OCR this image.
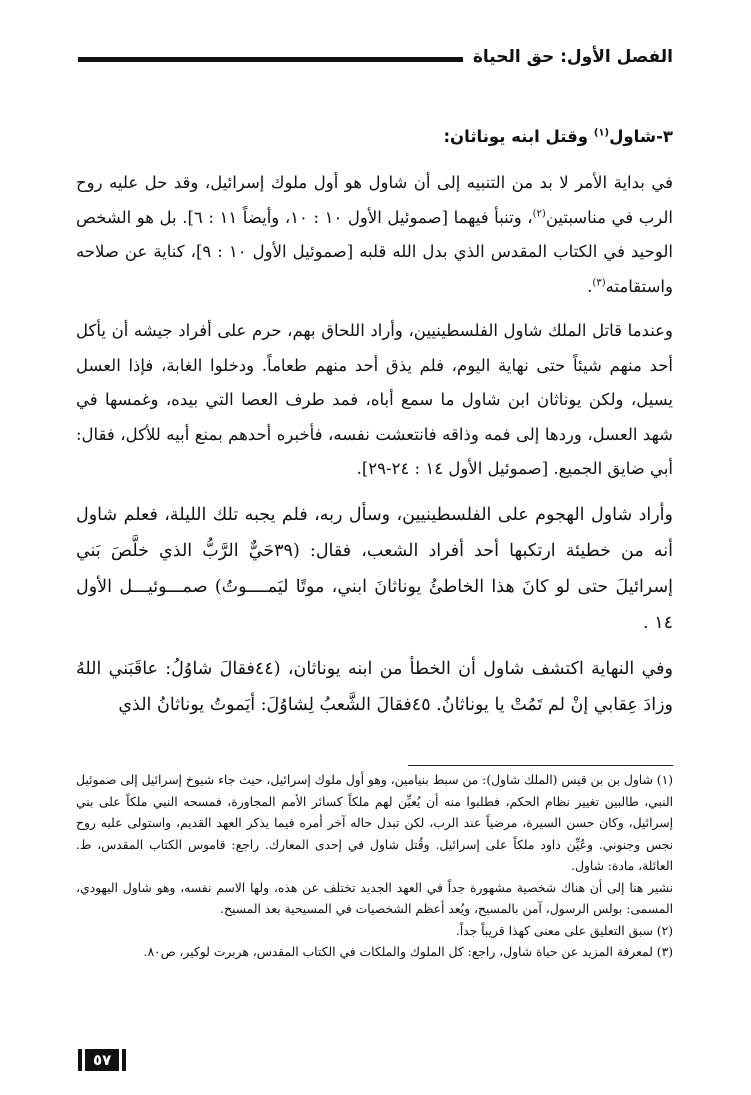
الفصل الأول: حق الحياة

٣-شاول$^{(١)}$ وقتل ابنه يوناثان:

في بداية الأمر لا بد من التنبيه إلى أن شاول هو أول ملوك إسرائيل، وقد حل عليه روح الرب في مناسبتين$^{(٢)}$، وتنبأ فيهما [صموئيل الأول ١٠ : ١٠، وأيضاً ١١ : ٦]. بل هو الشخص الوحيد في الكتاب المقدس الذي بدل الله قلبه [صموئيل الأول ١٠ : ٩]، كناية عن صلاحه واستقامته$^{(٣)}$.

وعندما قاتل الملك شاول الفلسطينيين، وأراد اللحاق بهم، حرم على أفراد جيشه أن يأكل أحد منهم شيئاً حتى نهاية اليوم، فلم يذق أحد منهم طعاماً. ودخلوا الغابة، فإذا العسل يسيل، ولكن يوناثان ابن شاول ما سمع أباه، فمد طرف العصا التي بيده، وغمسها في شهد العسل، وردها إلى فمه وذاقه فانتعشت نفسه، فأخبره أحدهم بمنع أبيه للأكل، فقال: أبي ضايق الجميع. [صموئيل الأول ١٤ : ٢٤-٢٩].

وأراد شاول الهجوم على الفلسطينيين، وسأل ربه، فلم يجبه تلك الليلة، فعلم شاول أنه من خطيئة ارتكبها أحد أفراد الشعب، فقال: (٣٩حَيٌّ الرَّبُّ الذي خلَّصَ بَني إسرائيلَ حتى لو كانَ هذا الخاطئُ يوناثانَ ابني، موتًا ليَمــــوتُ) صمـــوئيـــل الأول ١٤ .

وفي النهاية اكتشف شاول أن الخطأ من ابنه يوناثان، (٤٤فقالَ شاوُلُ: عاقَبَني اللهُ وزادَ عِقابي إنْ لم تَمُتْ يا يوناثانُ. ٤٥فقالَ الشَّعبُ لِشاوُلَ: أيَموتُ يوناثانُ الذي

(١) شاول بن بن قيس (الملك شاول): من سبط بنيامين، وهو أول ملوك إسرائيل، حيث جاء شيوخ إسرائيل إلى صموئيل النبي، طالبين تغيير نظام الحكم، فطلبوا منه أن يُعيِّن لهم ملكاً كسائر الأمم المجاورة، فمسحه النبي ملكاً على بني إسرائيل، وكان حسن السيرة، مرضياً عند الرب، لكن تبدل حاله آخر أمره فيما يذكر العهد القديم، واستولى عليه روح نجس وجنوني. وعُيِّن داود ملكاً على إسرائيل. وقُتل شاول في إحدى المعارك. راجع: قاموس الكتاب المقدس، ط. العائلة، مادة: شاول.

نشير هنا إلى أن هناك شخصية مشهورة جداً في العهد الجديد تختلف عن هذه، ولها الاسم نفسه، وهو شاول اليهودي، المسمى: بولس الرسول، آمن بالمسيح، ويُعد أعظم الشخصيات في المسيحية بعد المسيح.

(٢) سبق التعليق على معنى كهذا قريباً جداً.

(٣) لمعرفة المزيد عن حياة شاول، راجع: كل الملوك والملكات في الكتاب المقدس، هربرت لوكير، ص٨٠.

٥٧
